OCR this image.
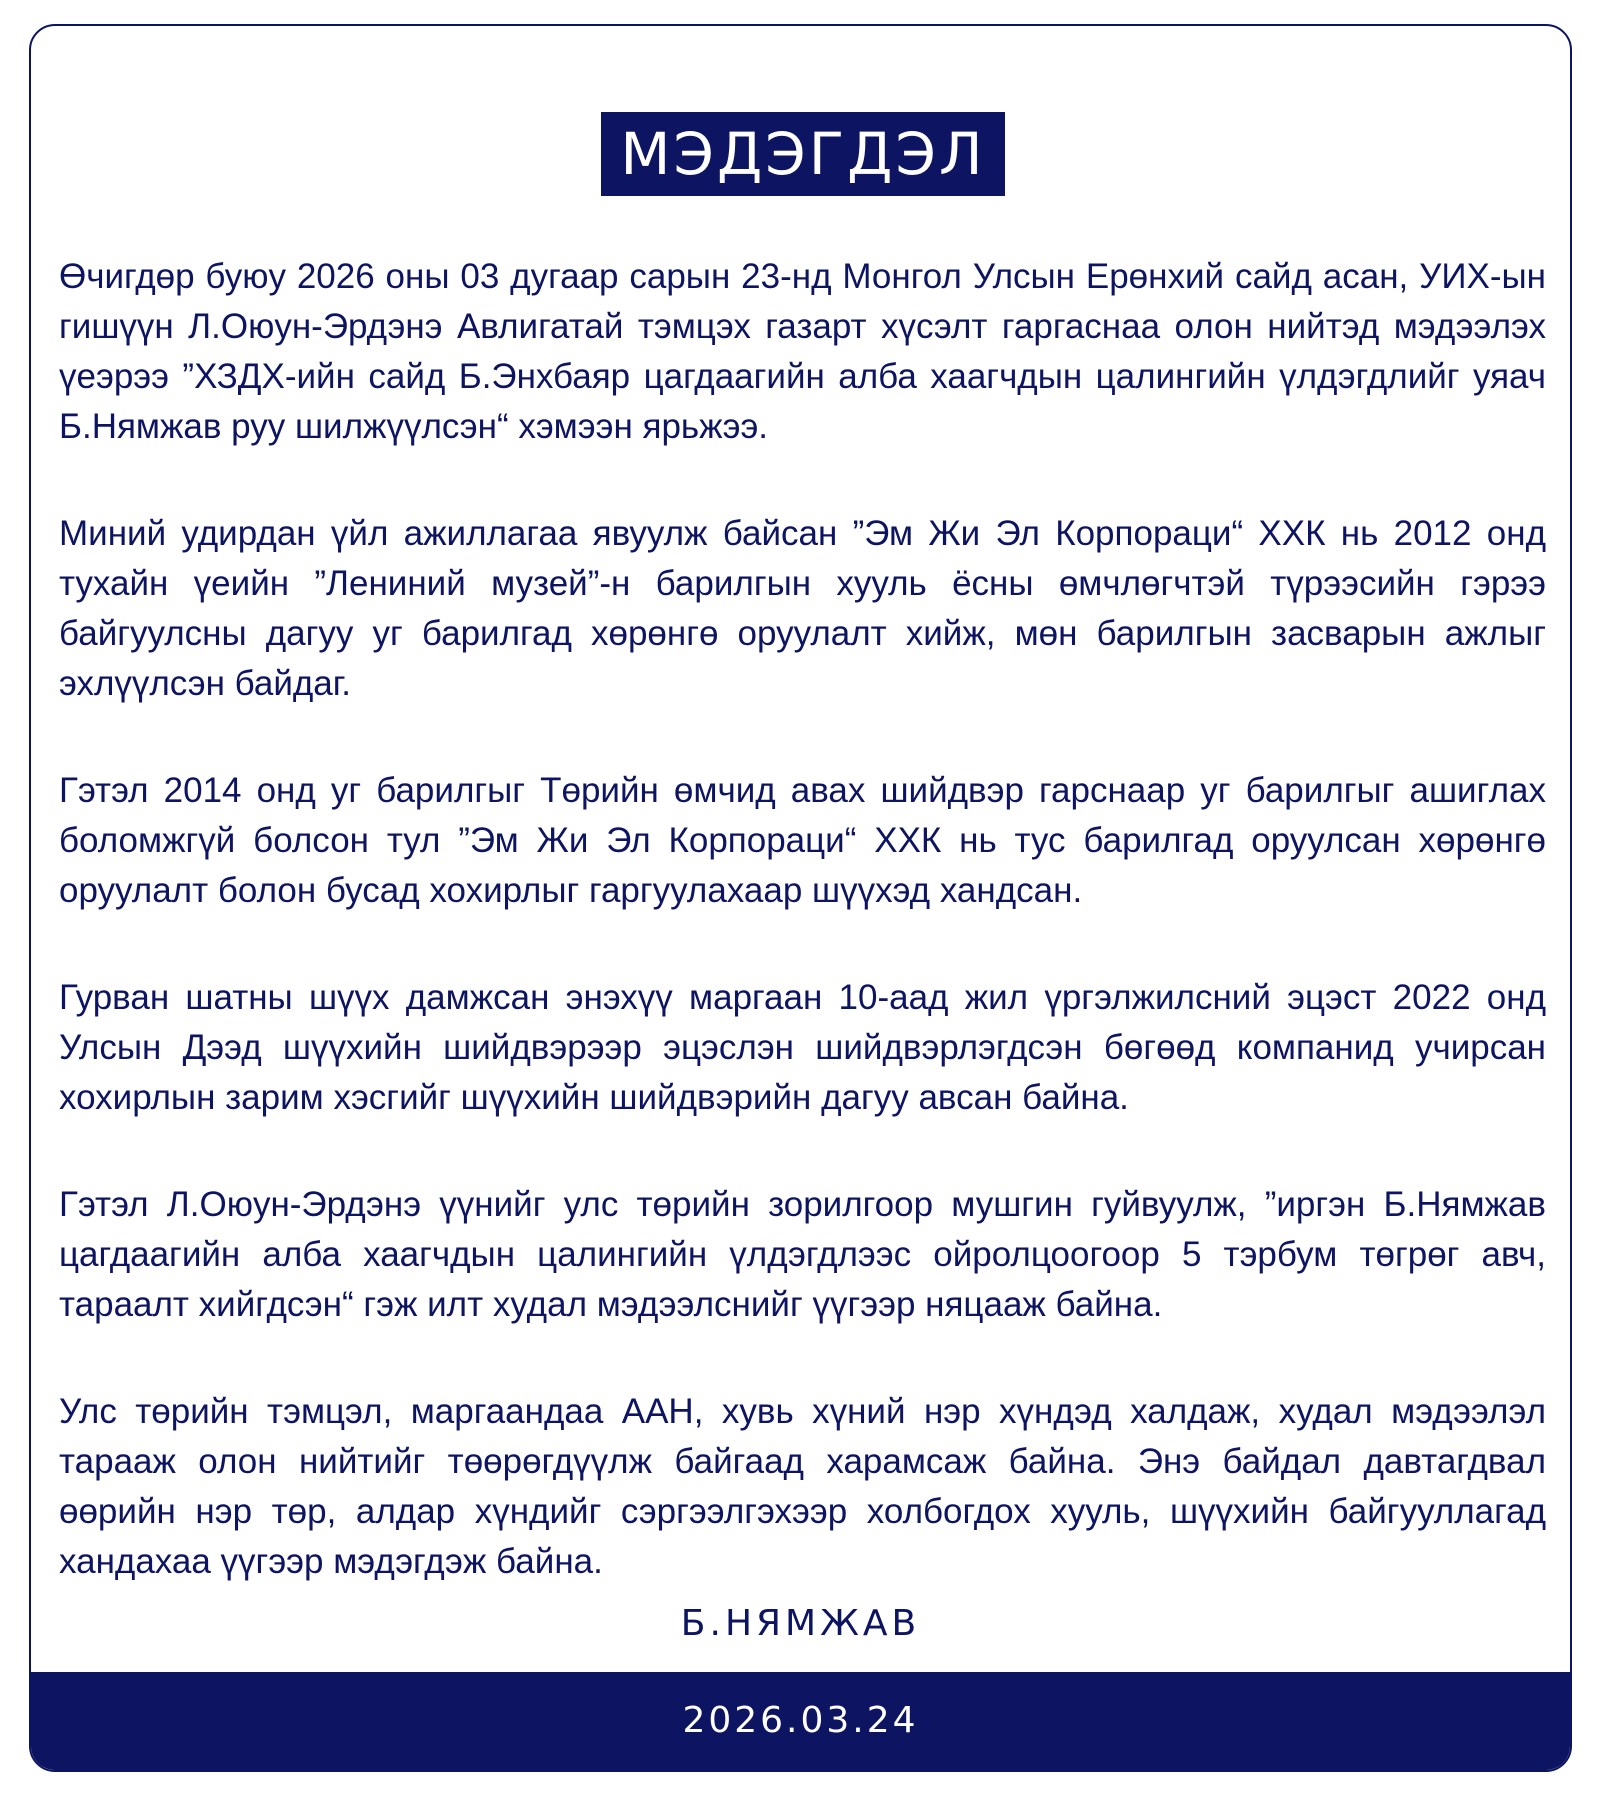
МЭДЭГДЭЛ

Өчигдөр буюу 2026 оны 03 дугаар сарын 23-нд Монгол Улсын Ерөнхий сайд асан, УИХ-ын гишүүн Л.Оюун-Эрдэнэ Авлигатай тэмцэх газарт хүсэлт гаргаснаа олон нийтэд мэдээлэх үеэрээ ”ХЗДХ-ийн сайд Б.Энхбаяр цагдаагийн алба хаагчдын цалингийн үлдэгдлийг уяач Б.Нямжав руу шилжүүлсэн“ хэмээн ярьжээ.

Миний удирдан үйл ажиллагаа явуулж байсан ”Эм Жи Эл Корпораци“ ХХК нь 2012 онд тухайн үеийн ”Лениний музей”-н барилгын хууль ёсны өмчлөгчтэй түрээсийн гэрээ байгуулсны дагуу уг барилгад хөрөнгө оруулалт хийж, мөн барилгын засварын ажлыг эхлүүлсэн байдаг.

Гэтэл 2014 онд уг барилгыг Төрийн өмчид авах шийдвэр гарснаар уг барилгыг ашиглах боломжгүй болсон тул ”Эм Жи Эл Корпораци“ ХХК нь тус барилгад оруулсан хөрөнгө оруулалт болон бусад хохирлыг гаргуулахаар шүүхэд хандсан.

Гурван шатны шүүх дамжсан энэхүү маргаан 10-аад жил үргэлжилсний эцэст 2022 онд Улсын Дээд шүүхийн шийдвэрээр эцэслэн шийдвэрлэгдсэн бөгөөд компанид учирсан хохирлын зарим хэсгийг шүүхийн шийдвэрийн дагуу авсан байна.

Гэтэл Л.Оюун-Эрдэнэ үүнийг улс төрийн зорилгоор мушгин гуйвуулж, ”иргэн Б.Нямжав цагдаагийн алба хаагчдын цалингийн үлдэгдлээс ойролцоогоор 5 тэрбум төгрөг авч, тараалт хийгдсэн“ гэж илт худал мэдээлснийг үүгээр няцааж байна.

Улс төрийн тэмцэл, маргаандаа ААН, хувь хүний нэр хүндэд халдаж, худал мэдээлэл тарааж олон нийтийг төөрөгдүүлж байгаад харамсаж байна. Энэ байдал давтагдвал өөрийн нэр төр, алдар хүндийг сэргээлгэхээр холбогдох хууль, шүүхийн байгууллагад хандахаа үүгээр мэдэгдэж байна.

Б.НЯМЖАВ
2026.03.24
